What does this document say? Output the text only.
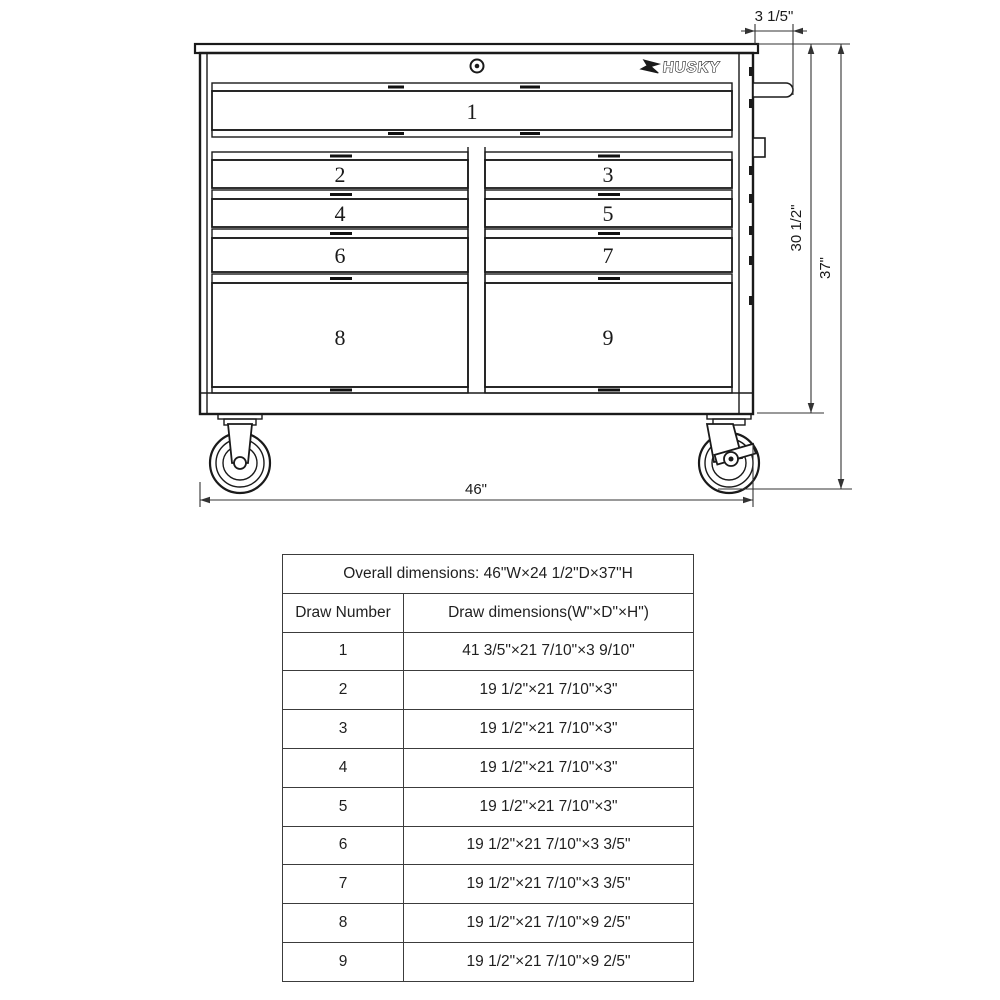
HUSKY
1
2	3
4	5
6	7
8	9
3 1/5"
30 1/2"
37"
46"
Overall dimensions: 46"W×24 1/2"D×37"H	
Draw Number	Draw dimensions(W"×D"×H")
1	41 3/5"×21 7/10"×3 9/10"
2	19 1/2"×21 7/10"×3"
3	19 1/2"×21 7/10"×3"
4	19 1/2"×21 7/10"×3"
5	19 1/2"×21 7/10"×3"
6	19 1/2"×21 7/10"×3 3/5"
7	19 1/2"×21 7/10"×3 3/5"
8	19 1/2"×21 7/10"×9 2/5"
9	19 1/2"×21 7/10"×9 2/5"
